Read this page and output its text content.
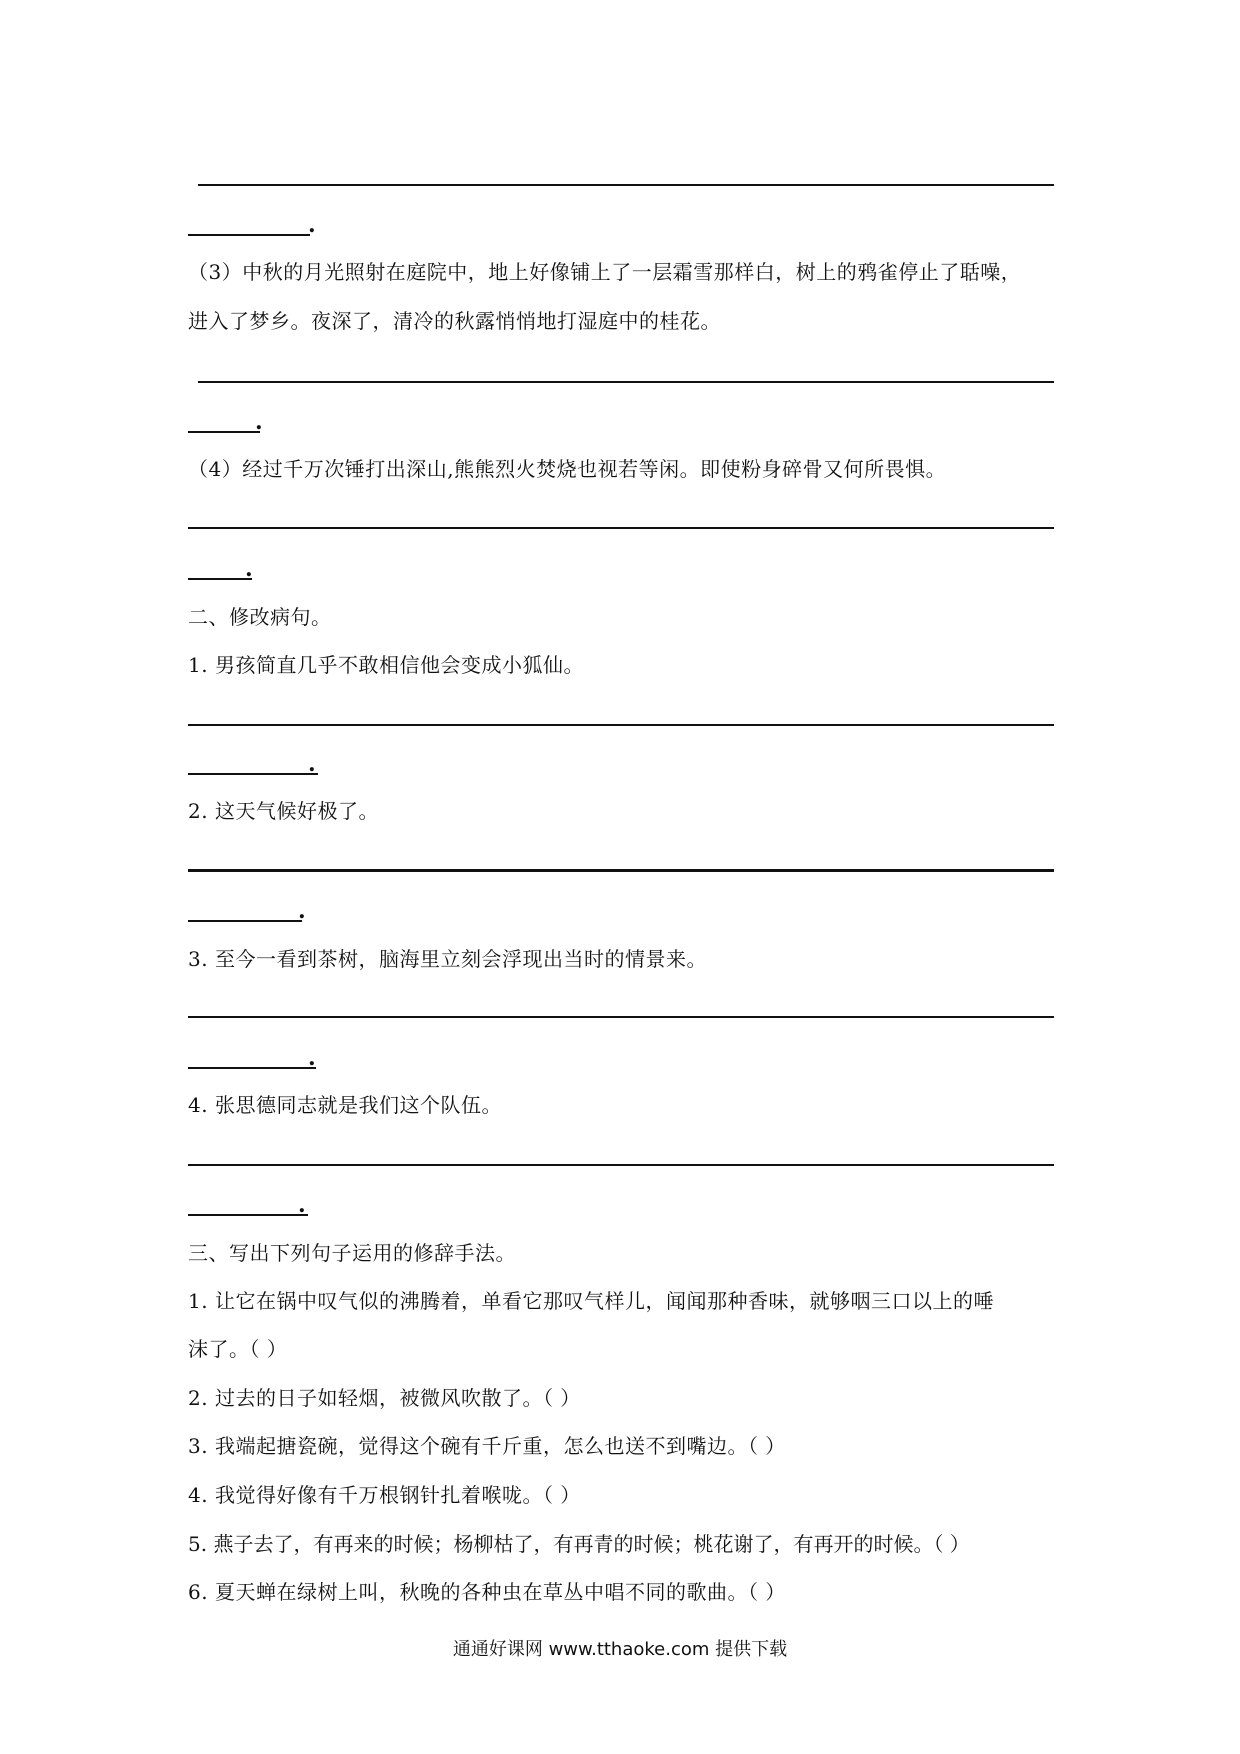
.
（3）中秋的月光照射在庭院中，地上好像铺上了一层霜雪那样白，树上的鸦雀停止了聒噪，
进入了梦乡。夜深了，清冷的秋露悄悄地打湿庭中的桂花。
.
（4）经过千万次锤打出深山,熊熊烈火焚烧也视若等闲。即使粉身碎骨又何所畏惧。
.
二、修改病句。
1. 男孩简直几乎不敢相信他会变成小狐仙。
.
2. 这天气候好极了。
.
3. 至今一看到茶树，脑海里立刻会浮现出当时的情景来。
.
4. 张思德同志就是我们这个队伍。
.
三、写出下列句子运用的修辞手法。
1. 让它在锅中叹气似的沸腾着，单看它那叹气样儿，闻闻那种香味，就够咽三口以上的唾
沫了。（ ）
2. 过去的日子如轻烟，被微风吹散了。（ ）
3. 我端起搪瓷碗，觉得这个碗有千斤重，怎么也送不到嘴边。（ ）
4. 我觉得好像有千万根钢针扎着喉咙。（ ）
5. 燕子去了，有再来的时候；杨柳枯了，有再青的时候；桃花谢了，有再开的时候。（ ）
6. 夏天蝉在绿树上叫，秋晚的各种虫在草丛中唱不同的歌曲。（ ）
通通好课网 www.tthaoke.com 提供下载
